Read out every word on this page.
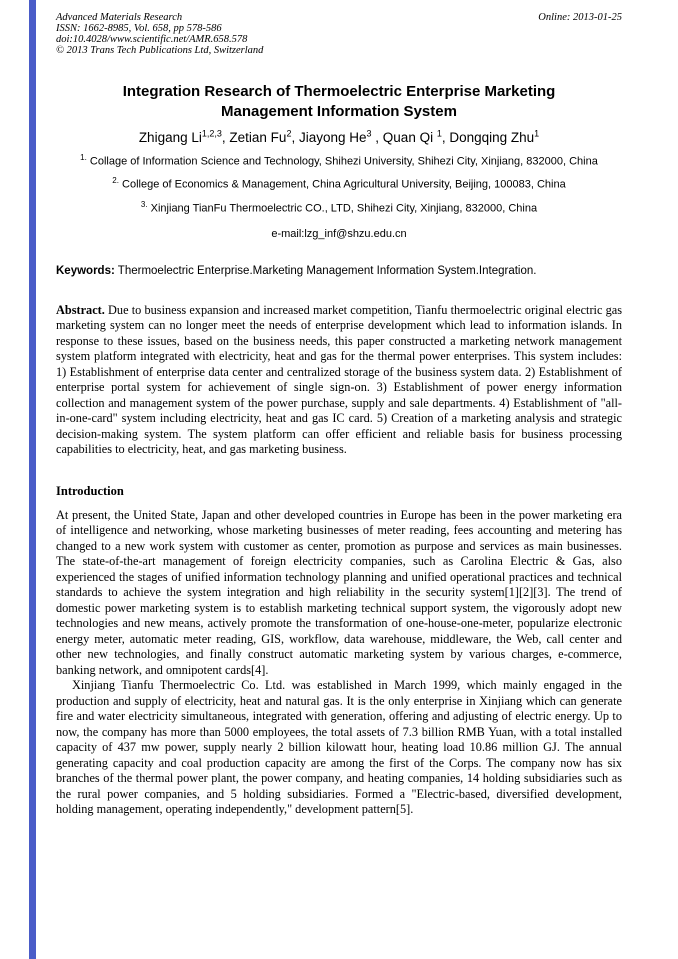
Advanced Materials Research
ISSN: 1662-8985, Vol. 658, pp 578-586
doi:10.4028/www.scientific.net/AMR.658.578
© 2013 Trans Tech Publications Ltd, Switzerland
Online: 2013-01-25
Integration Research of Thermoelectric Enterprise Marketing Management Information System
Zhigang Li$^{1,2,3}$, Zetian Fu$^2$, Jiayong He$^3$ , Quan Qi $^1$, Dongqing Zhu$^1$
$^{1.}$ Collage of Information Science and Technology, Shihezi University, Shihezi City, Xinjiang, 832000, China
$^{2.}$ College of Economics & Management, China Agricultural University, Beijing, 100083, China
$^{3.}$ Xinjiang TianFu Thermoelectric CO., LTD, Shihezi City, Xinjiang, 832000, China
e-mail:lzg_inf@shzu.edu.cn
Keywords: Thermoelectric Enterprise.Marketing Management Information System.Integration.

Abstract. Due to business expansion and increased market competition, Tianfu thermoelectric original electric gas marketing system can no longer meet the needs of enterprise development which lead to information islands. In response to these issues, based on the business needs, this paper constructed a marketing network management system platform integrated with electricity, heat and gas for the thermal power enterprises. This system includes: 1) Establishment of enterprise data center and centralized storage of the business system data. 2) Establishment of enterprise portal system for achievement of single sign-on. 3) Establishment of power energy information collection and management system of the power purchase, supply and sale departments. 4) Establishment of "all-in-one-card" system including electricity, heat and gas IC card. 5) Creation of a marketing analysis and strategic decision-making system. The system platform can offer efficient and reliable basis for business processing capabilities to electricity, heat, and gas marketing business.

Introduction

At present, the United State, Japan and other developed countries in Europe has been in the power marketing era of intelligence and networking, whose marketing businesses of meter reading, fees accounting and metering has changed to a new work system with customer as center, promotion as purpose and services as main businesses. The state-of-the-art management of foreign electricity companies, such as Carolina Electric & Gas, also experienced the stages of unified information technology planning and unified operational practices and technical standards to achieve the system integration and high reliability in the security system[1][2][3]. The trend of domestic power marketing system is to establish marketing technical support system, the vigorously adopt new technologies and new means, actively promote the transformation of one-house-one-meter, popularize electronic energy meter, automatic meter reading, GIS, workflow, data warehouse, middleware, the Web, call center and other new technologies, and finally construct automatic marketing system by various charges, e-commerce, banking network, and omnipotent cards[4].

Xinjiang Tianfu Thermoelectric Co. Ltd. was established in March 1999, which mainly engaged in the production and supply of electricity, heat and natural gas. It is the only enterprise in Xinjiang which can generate fire and water electricity simultaneous, integrated with generation, offering and adjusting of electric energy. Up to now, the company has more than 5000 employees, the total assets of 7.3 billion RMB Yuan, with a total installed capacity of 437 mw power, supply nearly 2 billion kilowatt hour, heating load 10.86 million GJ. The annual generating capacity and coal production capacity are among the first of the Corps. The company now has six branches of the thermal power plant, the power company, and heating companies, 14 holding subsidiaries such as the rural power companies, and 5 holding subsidiaries. Formed a "Electric-based, diversified development, holding management, operating independently," development pattern[5].
